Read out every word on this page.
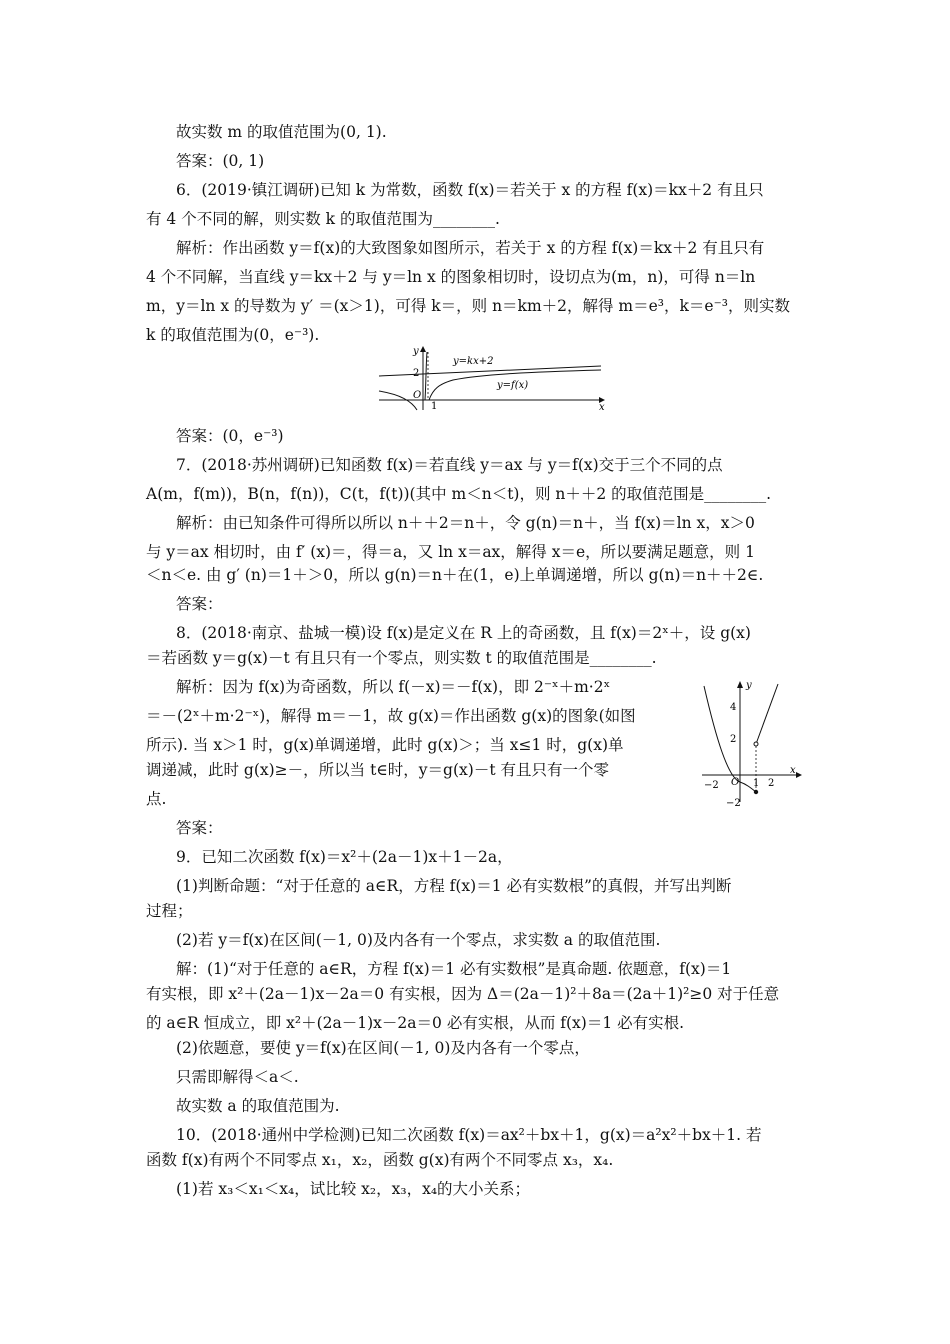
故实数 m 的取值范围为(0, 1).
答案：(0, 1)
6．(2019·镇江调研)已知 k 为常数，函数 f(x)＝若关于 x 的方程 f(x)＝kx＋2 有且只
有 4 个不同的解，则实数 k 的取值范围为________.
解析：作出函数 y＝f(x)的大致图象如图所示，若关于 x 的方程 f(x)＝kx＋2 有且只有
4 个不同解，当直线 y＝kx＋2 与 y＝ln x 的图象相切时，设切点为(m，n)，可得 n＝ln
m，y＝ln x 的导数为 y′ ＝(x＞1)，可得 k＝，则 n＝km＋2，解得 m＝e³，k＝e⁻³，则实数
k 的取值范围为(0，e⁻³).
y
x
y=kx+2
y=f(x)
2
O
1
答案：(0，e⁻³)
7．(2018·苏州调研)已知函数 f(x)＝若直线 y＝ax 与 y＝f(x)交于三个不同的点
A(m，f(m))，B(n，f(n))，C(t，f(t))(其中 m＜n＜t)，则 n＋＋2 的取值范围是________.
解析：由已知条件可得所以所以 n＋＋2＝n＋，令 g(n)＝n＋，当 f(x)＝ln x，x＞0
与 y＝ax 相切时，由 f′ (x)＝，得＝a，又 ln x＝ax，解得 x＝e，所以要满足题意，则 1
＜n＜e. 由 g′ (n)＝1＋＞0，所以 g(n)＝n＋在(1，e)上单调递增，所以 g(n)＝n＋＋2∈.
答案：
8．(2018·南京、盐城一模)设 f(x)是定义在 R 上的奇函数，且 f(x)＝2ˣ＋，设 g(x)
＝若函数 y＝g(x)－t 有且只有一个零点，则实数 t 的取值范围是________.
解析：因为 f(x)为奇函数，所以 f(－x)＝－f(x)，即 2⁻ˣ＋m·2ˣ
＝－(2ˣ＋m·2⁻ˣ)，解得 m＝－1，故 g(x)＝作出函数 g(x)的图象(如图
所示). 当 x＞1 时，g(x)单调递增，此时 g(x)＞；当 x≤1 时，g(x)单
调递减，此时 g(x)≥－，所以当 t∈时，y＝g(x)－t 有且只有一个零
点.
y
x
4
2
−2
−2 O 1 2
答案：
9．已知二次函数 f(x)＝x²＋(2a－1)x＋1－2a，
(1)判断命题：“对于任意的 a∈R，方程 f(x)＝1 必有实数根”的真假，并写出判断
过程；
(2)若 y＝f(x)在区间(－1, 0)及内各有一个零点，求实数 a 的取值范围.
解：(1)“对于任意的 a∈R，方程 f(x)＝1 必有实数根”是真命题. 依题意，f(x)＝1
有实根，即 x²＋(2a－1)x－2a＝0 有实根，因为 Δ＝(2a－1)²＋8a＝(2a＋1)²≥0 对于任意
的 a∈R 恒成立，即 x²＋(2a－1)x－2a＝0 必有实根，从而 f(x)＝1 必有实根.
(2)依题意，要使 y＝f(x)在区间(－1, 0)及内各有一个零点，
只需即解得＜a＜.
故实数 a 的取值范围为.
10．(2018·通州中学检测)已知二次函数 f(x)＝ax²＋bx＋1，g(x)＝a²x²＋bx＋1. 若
函数 f(x)有两个不同零点 x₁，x₂，函数 g(x)有两个不同零点 x₃，x₄.
(1)若 x₃＜x₁＜x₄，试比较 x₂，x₃，x₄的大小关系；
